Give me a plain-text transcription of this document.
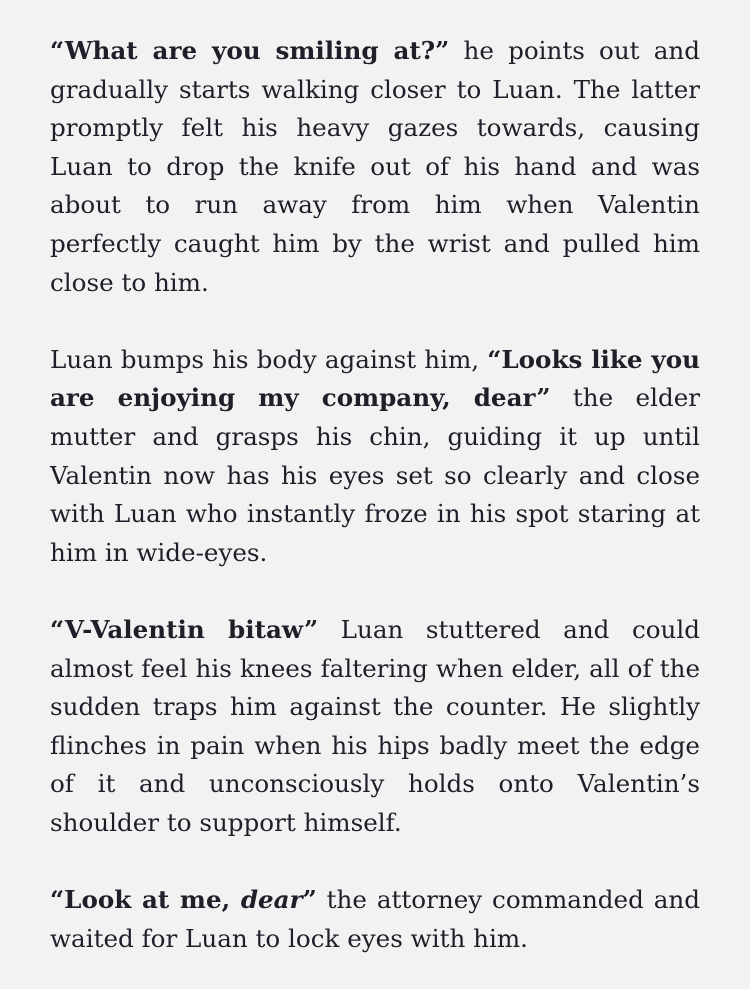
“What are you smiling at?” he points out and gradually starts walking closer to Luan. The latter promptly felt his heavy gazes towards, causing Luan to drop the knife out of his hand and was about to run away from him when Valentin perfectly caught him by the wrist and pulled him close to him.

Luan bumps his body against him, “Looks like you are enjoying my company, dear” the elder mutter and grasps his chin, guiding it up until Valentin now has his eyes set so clearly and close with Luan who instantly froze in his spot staring at him in wide-eyes.

“V-Valentin bitaw” Luan stuttered and could almost feel his knees faltering when elder, all of the sudden traps him against the counter. He slightly flinches in pain when his hips badly meet the edge of it and unconsciously holds onto Valentin’s shoulder to support himself.

“Look at me, dear” the attorney commanded and waited for Luan to lock eyes with him.
